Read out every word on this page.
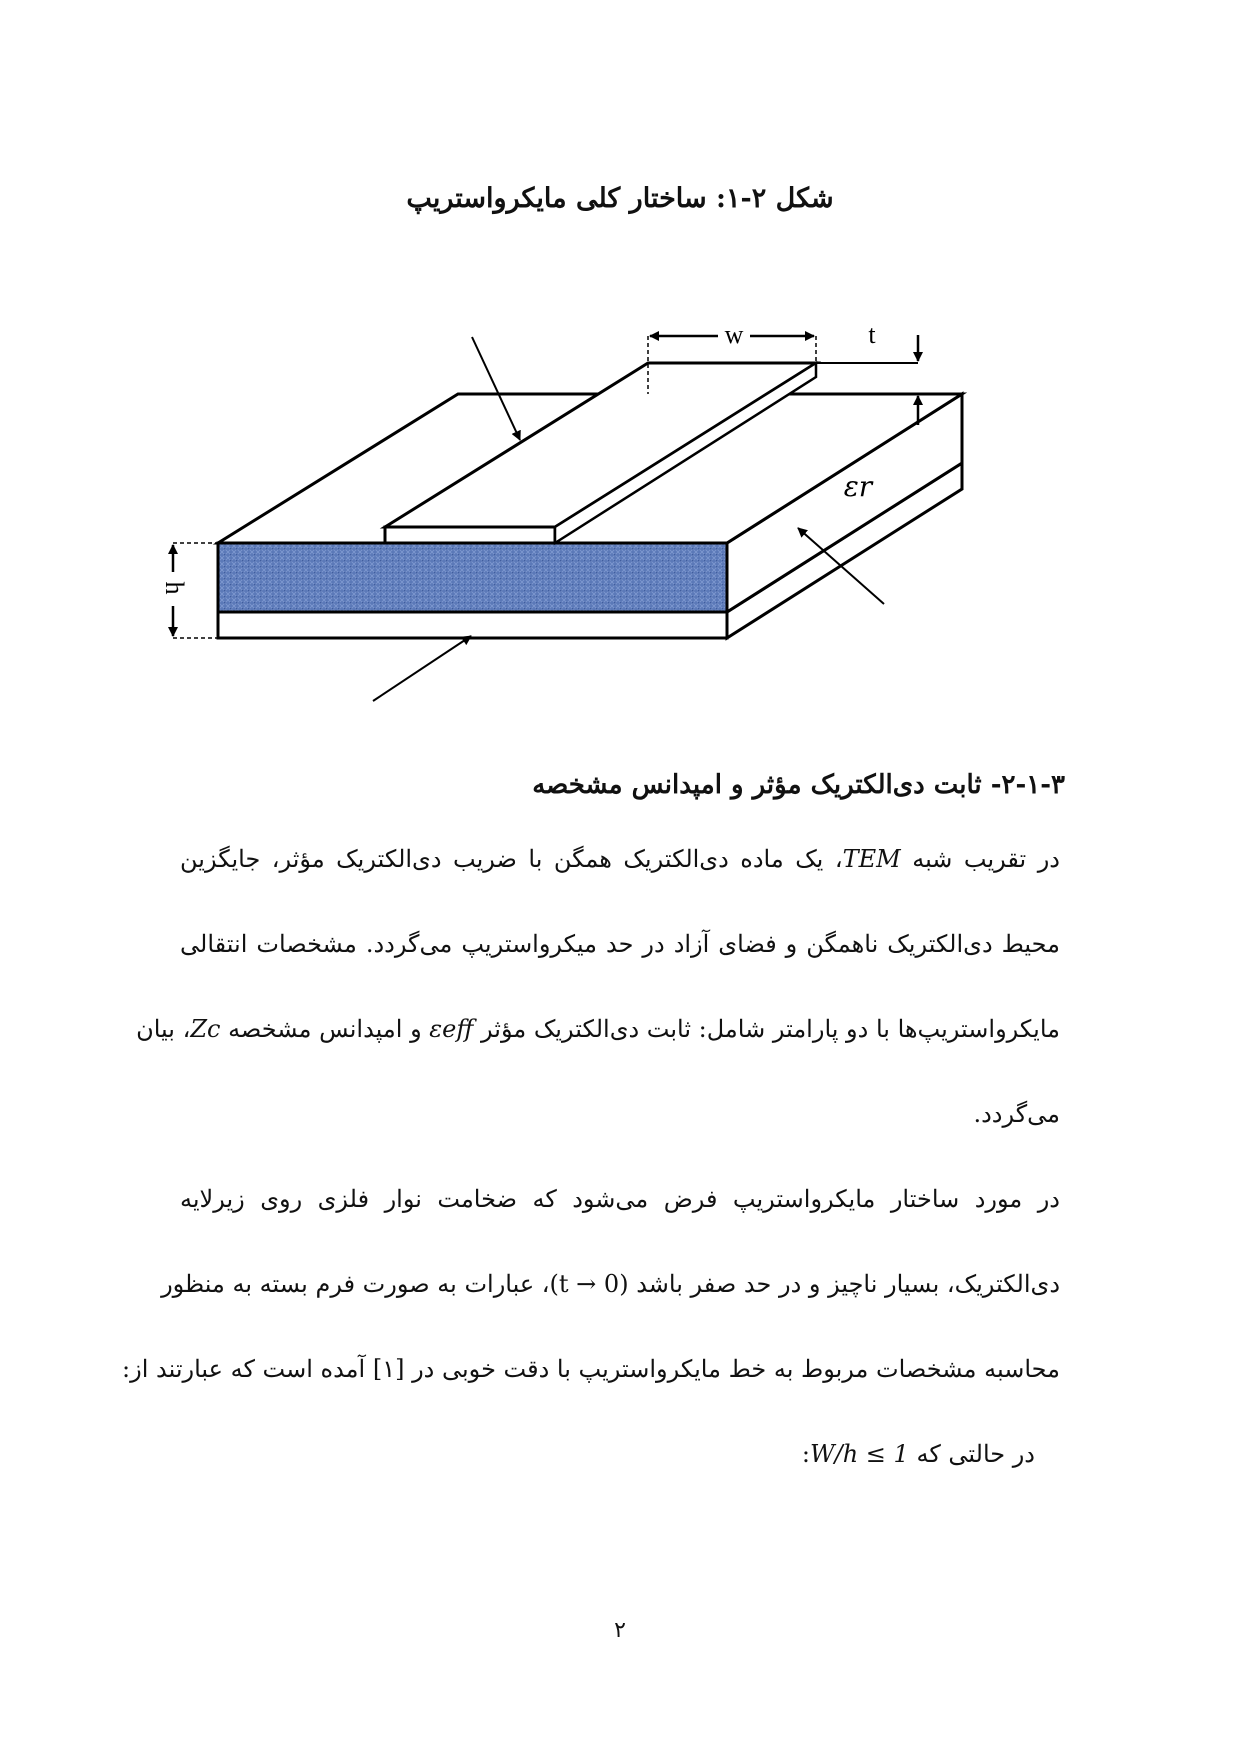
شکل ۲-۱: ساختار کلی مایکرواستریپ
w	t
h
εr
۲-۱-۳- ثابت دی‌الکتریک مؤثر و امپدانس مشخصه
در تقریب شبه TEM، یک ماده دی‌الکتریک همگن با ضریب دی‌الکتریک مؤثر، جایگزین
محیط دی‌الکتریک ناهمگن و فضای آزاد در حد میکرواستریپ می‌گردد. مشخصات انتقالی
مایکرواستریپ‌ها با دو پارامتر شامل: ثابت دی‌الکتریک مؤثر εeff و امپدانس مشخصه Zc، بیان
می‌گردد.
در مورد ساختار مایکرواستریپ فرض می‌شود که ضخامت نوار فلزی روی زیرلایه
دی‌الکتریک، بسیار ناچیز و در حد صفر باشد (t → 0)، عبارات به صورت فرم بسته به منظور
محاسبه مشخصات مربوط به خط مایکرواستریپ با دقت خوبی در [۱] آمده است که عبارتند از:
در حالتی که W/h ≤ 1:
۲
